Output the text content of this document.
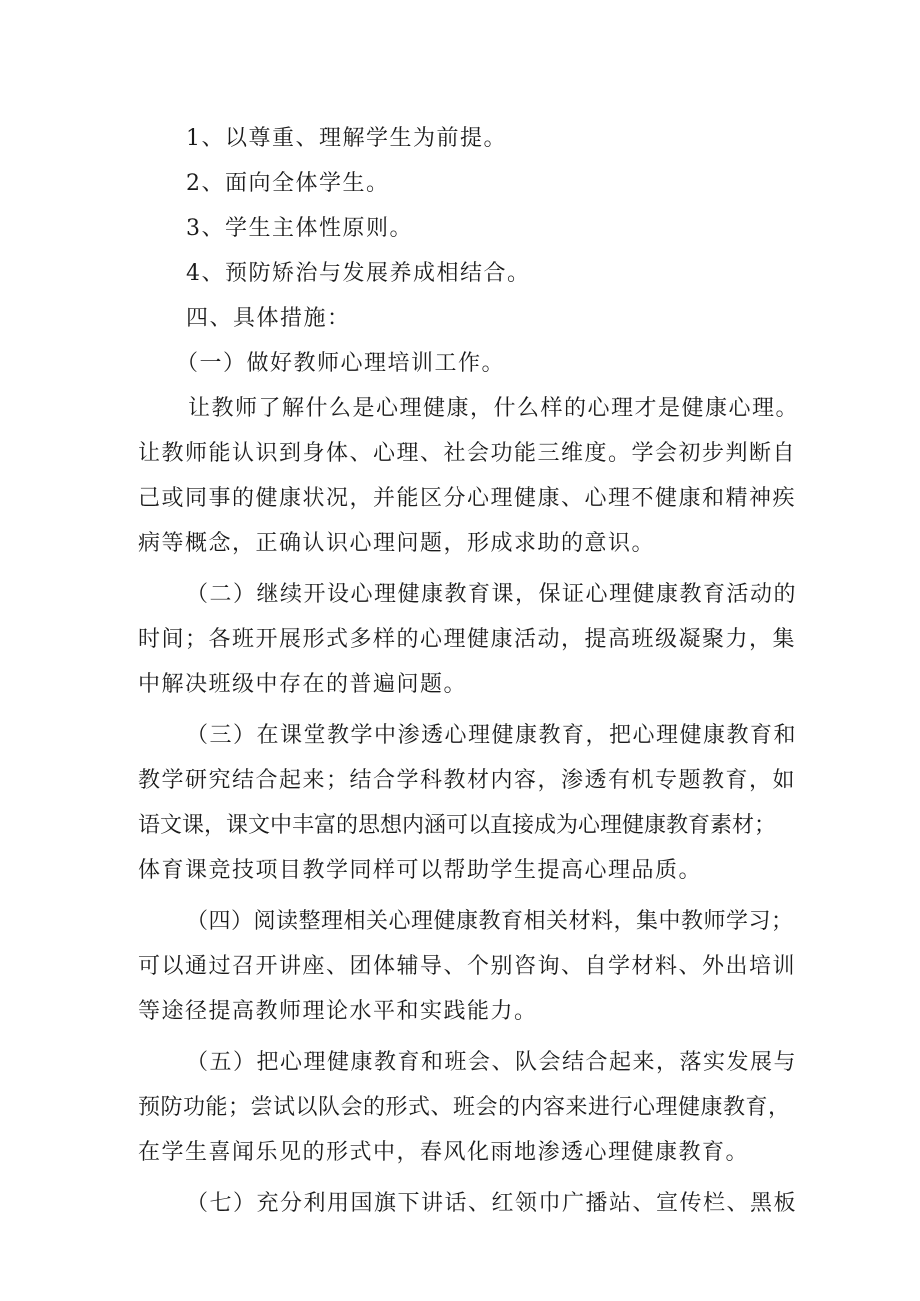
1、以尊重、理解学生为前提。
2、面向全体学生。
3、学生主体性原则。
4、预防矫治与发展养成相结合。
四、具体措施：
（一）做好教师心理培训工作。
让教师了解什么是心理健康，什么样的心理才是健康心理。
让教师能认识到身体、心理、社会功能三维度。学会初步判断自
己或同事的健康状况，并能区分心理健康、心理不健康和精神疾
病等概念，正确认识心理问题，形成求助的意识。
（二）继续开设心理健康教育课，保证心理健康教育活动的
时间；各班开展形式多样的心理健康活动，提高班级凝聚力，集
中解决班级中存在的普遍问题。
（三）在课堂教学中渗透心理健康教育，把心理健康教育和
教学研究结合起来；结合学科教材内容，渗透有机专题教育，如
语文课，课文中丰富的思想内涵可以直接成为心理健康教育素材；
体育课竞技项目教学同样可以帮助学生提高心理品质。
（四）阅读整理相关心理健康教育相关材料，集中教师学习；
可以通过召开讲座、团体辅导、个别咨询、自学材料、外出培训
等途径提高教师理论水平和实践能力。
（五）把心理健康教育和班会、队会结合起来，落实发展与
预防功能；尝试以队会的形式、班会的内容来进行心理健康教育，
在学生喜闻乐见的形式中，春风化雨地渗透心理健康教育。
（七）充分利用国旗下讲话、红领巾广播站、宣传栏、黑板
